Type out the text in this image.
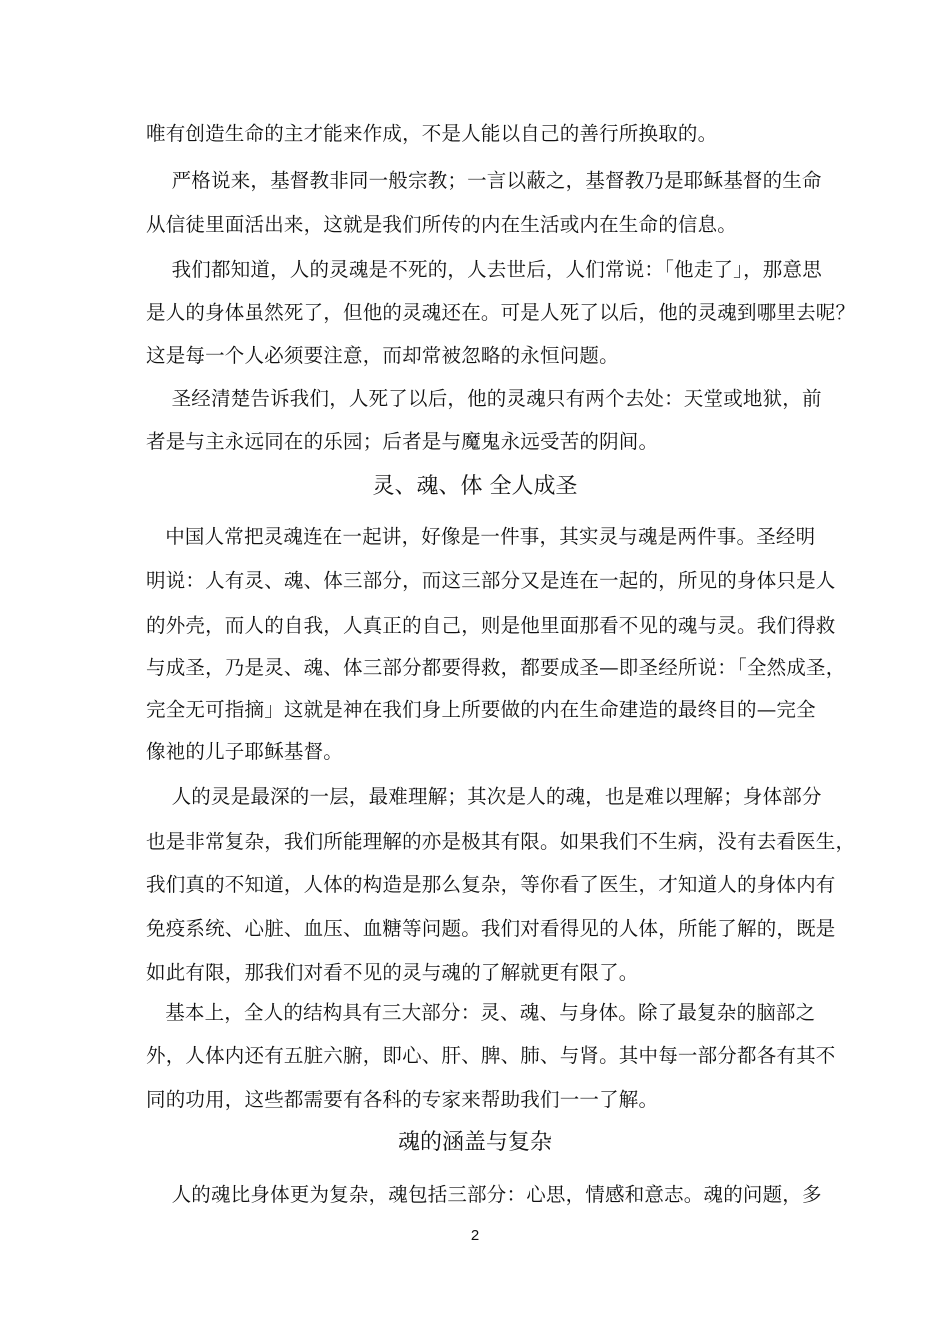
唯有创造生命的主才能来作成，不是人能以自己的善行所换取的。
严格说来，基督教非同一般宗教；一言以蔽之，基督教乃是耶稣基督的生命
从信徒里面活出来，这就是我们所传的内在生活或内在生命的信息。
我们都知道，人的灵魂是不死的，人去世后，人们常说：「他走了」，那意思
是人的身体虽然死了，但他的灵魂还在。可是人死了以后，他的灵魂到哪里去呢？
这是每一个人必须要注意，而却常被忽略的永恒问题。
圣经清楚告诉我们，人死了以后，他的灵魂只有两个去处：天堂或地狱，前
者是与主永远同在的乐园；后者是与魔鬼永远受苦的阴间。
灵、魂、体 全人成圣
中国人常把灵魂连在一起讲，好像是一件事，其实灵与魂是两件事。圣经明
明说：人有灵、魂、体三部分，而这三部分又是连在一起的，所见的身体只是人
的外壳，而人的自我，人真正的自己，则是他里面那看不见的魂与灵。我们得救
与成圣，乃是灵、魂、体三部分都要得救，都要成圣—即圣经所说：「全然成圣，
完全无可指摘」这就是神在我们身上所要做的内在生命建造的最终目的—完全
像祂的儿子耶稣基督。
人的灵是最深的一层，最难理解；其次是人的魂，也是难以理解；身体部分
也是非常复杂，我们所能理解的亦是极其有限。如果我们不生病，没有去看医生，
我们真的不知道，人体的构造是那么复杂，等你看了医生，才知道人的身体内有
免疫系统、心脏、血压、血糖等问题。我们对看得见的人体，所能了解的，既是
如此有限，那我们对看不见的灵与魂的了解就更有限了。
基本上，全人的结构具有三大部分：灵、魂、与身体。除了最复杂的脑部之
外，人体内还有五脏六腑，即心、肝、脾、肺、与肾。其中每一部分都各有其不
同的功用，这些都需要有各科的专家来帮助我们一一了解。
魂的涵盖与复杂
人的魂比身体更为复杂，魂包括三部分：心思，情感和意志。魂的问题，多
2
